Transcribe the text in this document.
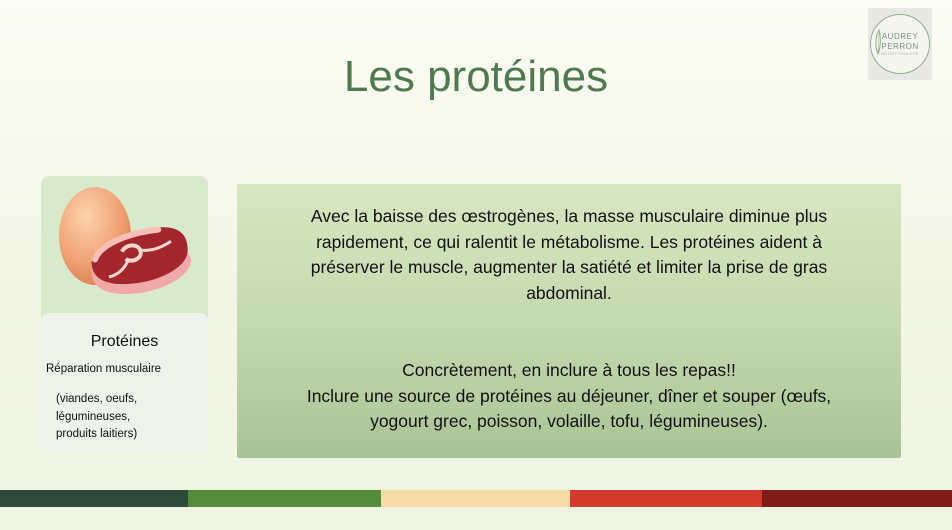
Les protéines
AUDREY
PERRON
NUTRITIONNISTE
Protéines
Réparation musculaire
(viandes, oeufs,
légumineuses,
produits laitiers)
Avec la baisse des œstrogènes, la masse musculaire diminue plus
rapidement, ce qui ralentit le métabolisme. Les protéines aident à
préserver le muscle, augmenter la satiété et limiter la prise de gras
abdominal.
Concrètement, en inclure à tous les repas!!
Inclure une source de protéines au déjeuner, dîner et souper (œufs,
yogourt grec, poisson, volaille, tofu, légumineuses).
